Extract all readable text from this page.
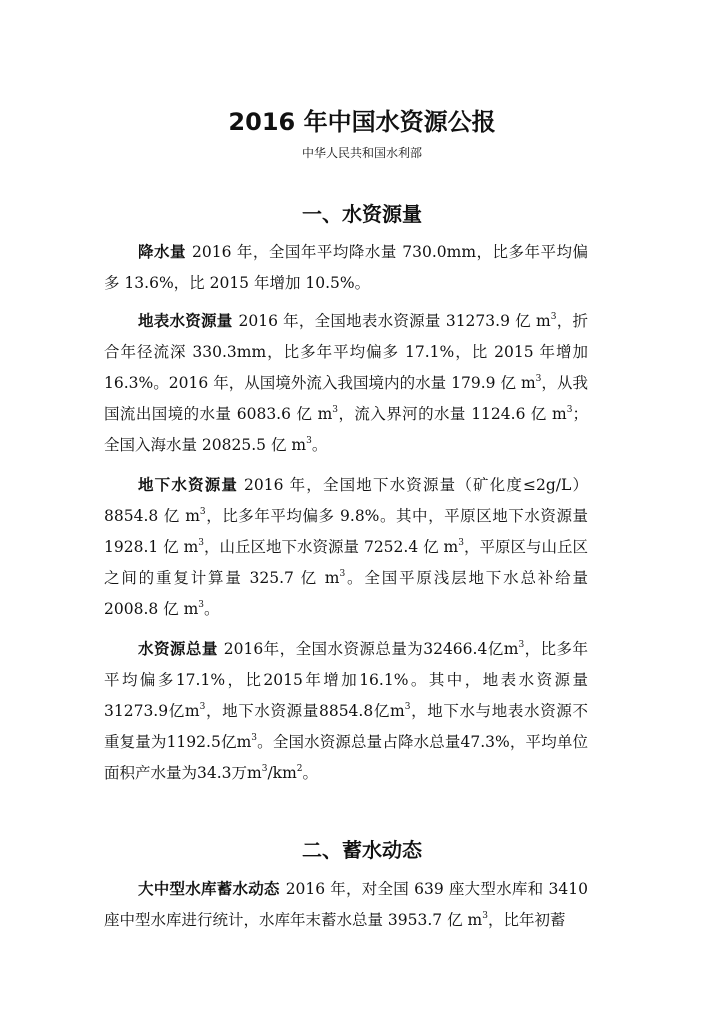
2016 年中国水资源公报
中华人民共和国水利部
一、水资源量

降水量 2016 年，全国年平均降水量 730.0mm，比多年平均偏多 13.6%，比 2015 年增加 10.5%。

地表水资源量 2016 年，全国地表水资源量 31273.9 亿 $m^3$，折合年径流深 330.3mm，比多年平均偏多 17.1%，比 2015 年增加 16.3%。2016 年，从国境外流入我国境内的水量 179.9 亿 $m^3$，从我国流出国境的水量 6083.6 亿 $m^3$，流入界河的水量 1124.6 亿 $m^3$；全国入海水量 20825.5 亿 $m^3$。

地下水资源量 2016 年，全国地下水资源量（矿化度≤2g/L）8854.8 亿 $m^3$，比多年平均偏多 9.8%。其中，平原区地下水资源量 1928.1 亿 $m^3$，山丘区地下水资源量 7252.4 亿 $m^3$，平原区与山丘区之间的重复计算量 325.7 亿 $m^3$。全国平原浅层地下水总补给量 2008.8 亿 $m^3$。

水资源总量 2016年，全国水资源总量为32466.4亿$m^3$，比多年平均偏多17.1%，比2015年增加16.1%。其中，地表水资源量31273.9亿$m^3$，地下水资源量8854.8亿$m^3$，地下水与地表水资源不重复量为1192.5亿$m^3$。全国水资源总量占降水总量47.3%，平均单位面积产水量为34.3万$m^3/km^2$。

二、蓄水动态

大中型水库蓄水动态 2016 年，对全国 639 座大型水库和 3410 座中型水库进行统计，水库年末蓄水总量 3953.7 亿 $m^3$，比年初蓄
